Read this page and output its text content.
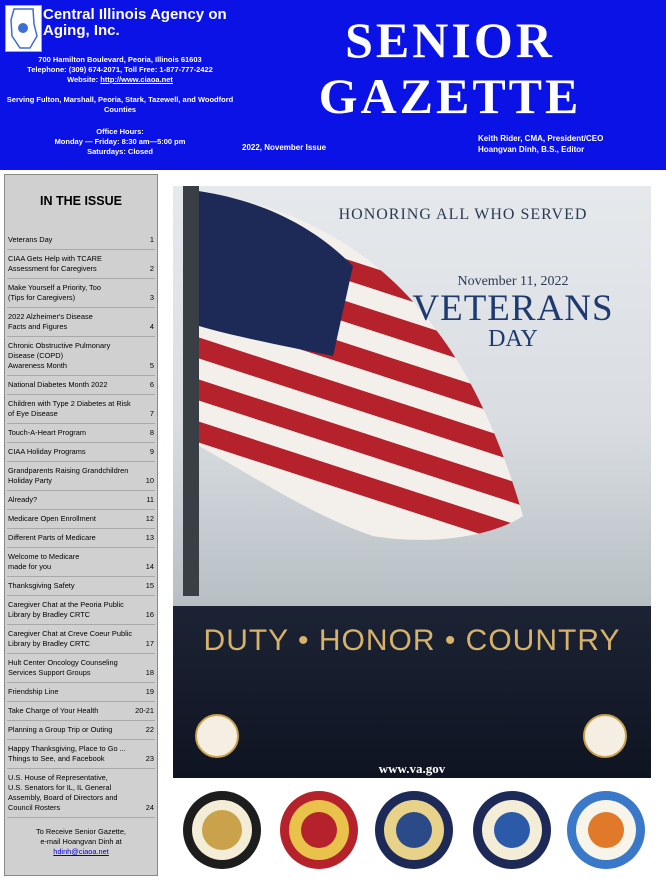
Central Illinois Agency on Aging, Inc.
700 Hamilton Boulevard, Peoria, Illinois 61603
Telephone: (309) 674-2071, Toll Free: 1-877-777-2422
Website: http://www.ciaoa.net
Serving Fulton, Marshall, Peoria, Stark, Tazewell, and Woodford Counties
Office Hours:
Monday — Friday: 8:30 am—5:00 pm
Saturdays: Closed
SENIOR
GAZETTE
2022, November Issue
Keith Rider, CMA, President/CEO
Hoangvan Dinh, B.S., Editor
IN THE ISSUE
Veterans Day	1
CIAA Gets Help with TCARE
Assessment for Caregivers	2
Make Yourself a Priority, Too
(Tips for Caregivers)	3
2022 Alzheimer's Disease
Facts and Figures	4
Chronic Obstructive Pulmonary
Disease (COPD)
Awareness Month	5
National Diabetes Month 2022	6
Children with Type 2 Diabetes at Risk
of Eye Disease	7
Touch-A-Heart Program	8
CIAA Holiday Programs	9
Grandparents Raising Grandchildren
Holiday Party	10
Already?	11
Medicare Open Enrollment	12
Different Parts of Medicare	13
Welcome to Medicare
made for you	14
Thanksgiving Safety	15
Caregiver Chat at the Peoria Public
Library by Bradley CRTC	16
Caregiver Chat at Creve Coeur Public
Library by Bradley CRTC	17
Hult Center Oncology Counseling
Services Support Groups	18
Friendship Line	19
Take Charge of Your Health	20-21
Planning a Group Trip or Outing	22
Happy Thanksgiving, Place to Go ...
Things to See, and Facebook	23
U.S. House of Representative,
U.S. Senators for IL, IL General
Assembly, Board of Directors and
Council Rosters	24
To Receive Senior Gazette,
e-mail Hoangvan Dinh at
hdinh@ciaoa.net
HONORING ALL WHO SERVED
November 11, 2022
VETERANS
DAY
DUTY • HONOR • COUNTRY
www.va.gov
